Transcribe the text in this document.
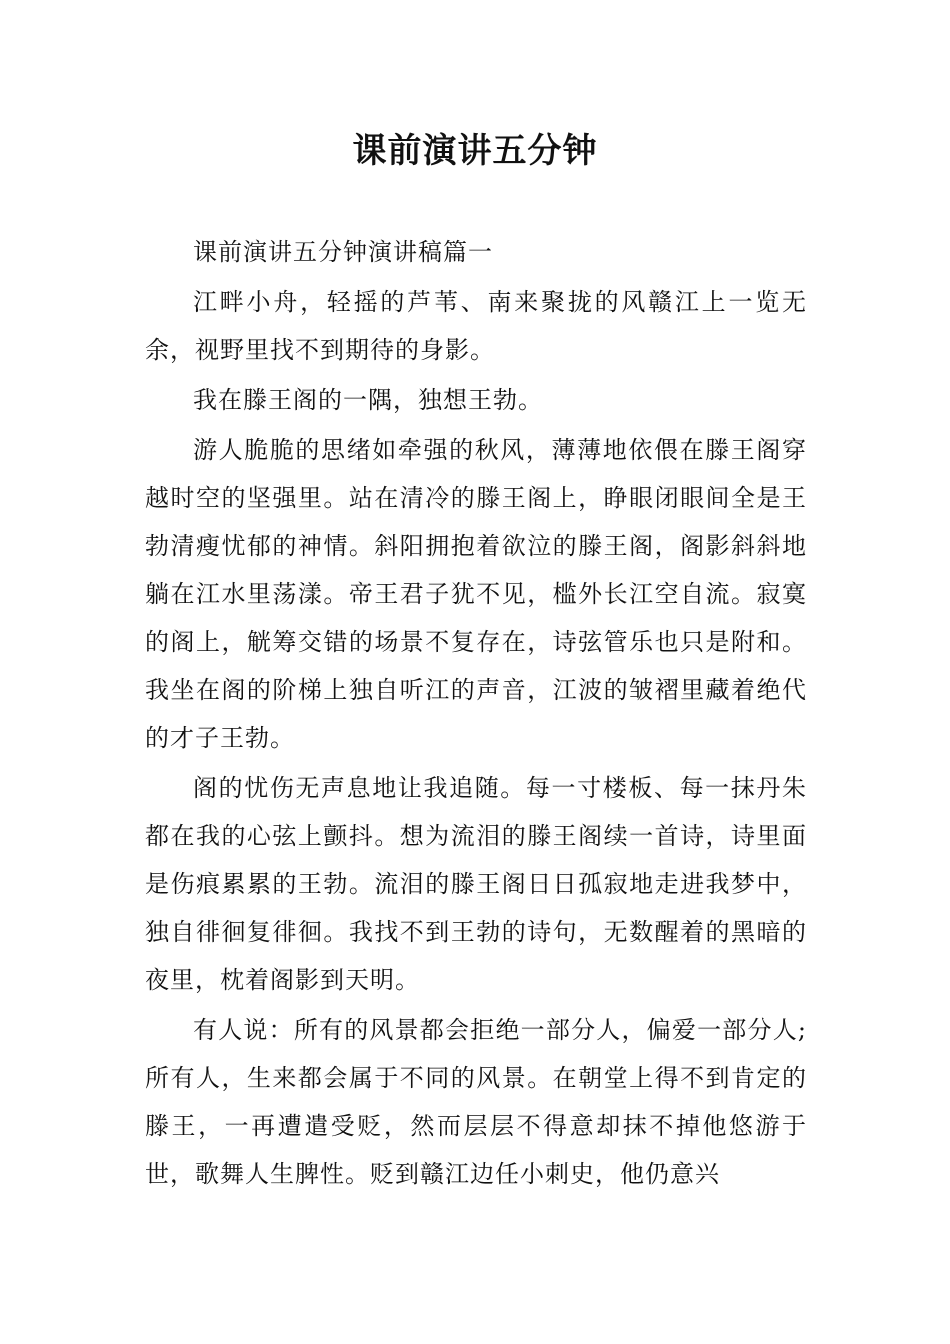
课前演讲五分钟

课前演讲五分钟演讲稿篇一

江畔小舟，轻摇的芦苇、南来聚拢的风赣江上一览无余，视野里找不到期待的身影。

我在滕王阁的一隅，独想王勃。

游人脆脆的思绪如牵强的秋风，薄薄地依偎在滕王阁穿越时空的坚强里。站在清冷的滕王阁上，睁眼闭眼间全是王勃清瘦忧郁的神情。斜阳拥抱着欲泣的滕王阁，阁影斜斜地躺在江水里荡漾。帝王君子犹不见，槛外长江空自流。寂寞的阁上，觥筹交错的场景不复存在，诗弦管乐也只是附和。我坐在阁的阶梯上独自听江的声音，江波的皱褶里藏着绝代的才子王勃。

阁的忧伤无声息地让我追随。每一寸楼板、每一抹丹朱都在我的心弦上颤抖。想为流泪的滕王阁续一首诗，诗里面是伤痕累累的王勃。流泪的滕王阁日日孤寂地走进我梦中，独自徘徊复徘徊。我找不到王勃的诗句，无数醒着的黑暗的夜里，枕着阁影到天明。

有人说：所有的风景都会拒绝一部分人，偏爱一部分人;所有人，生来都会属于不同的风景。在朝堂上得不到肯定的滕王，一再遭遣受贬，然而层层不得意却抹不掉他悠游于世，歌舞人生脾性。贬到赣江边任小刺史，他仍意兴
